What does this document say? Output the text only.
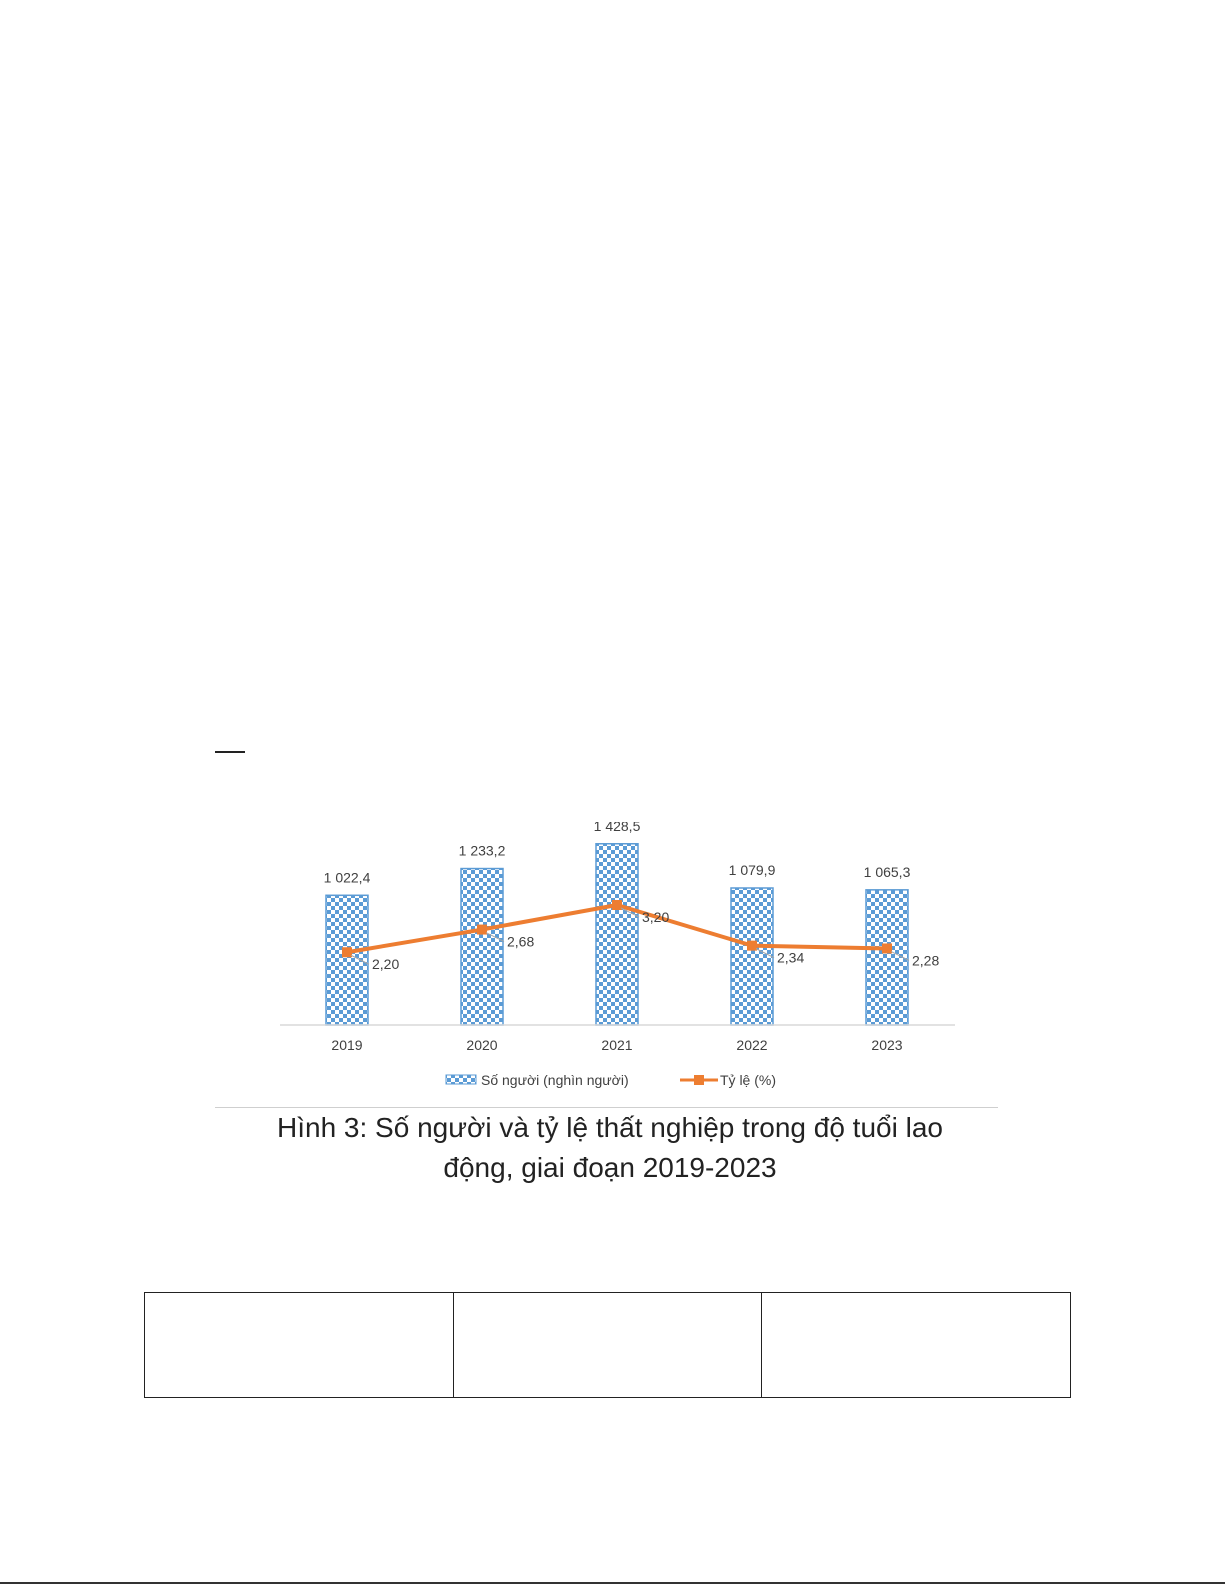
1 022,4
1 233,2
1 428,5
1 079,9	1 065,3
2,20
2,68
3,20
2,34	2,28
2019	2020	2021	2022	2023
Số người (nghìn người)	Tỷ lệ (%)
Hình 3: Số người và tỷ lệ thất nghiệp trong độ tuổi lao
động, giai đoạn 2019-2023
